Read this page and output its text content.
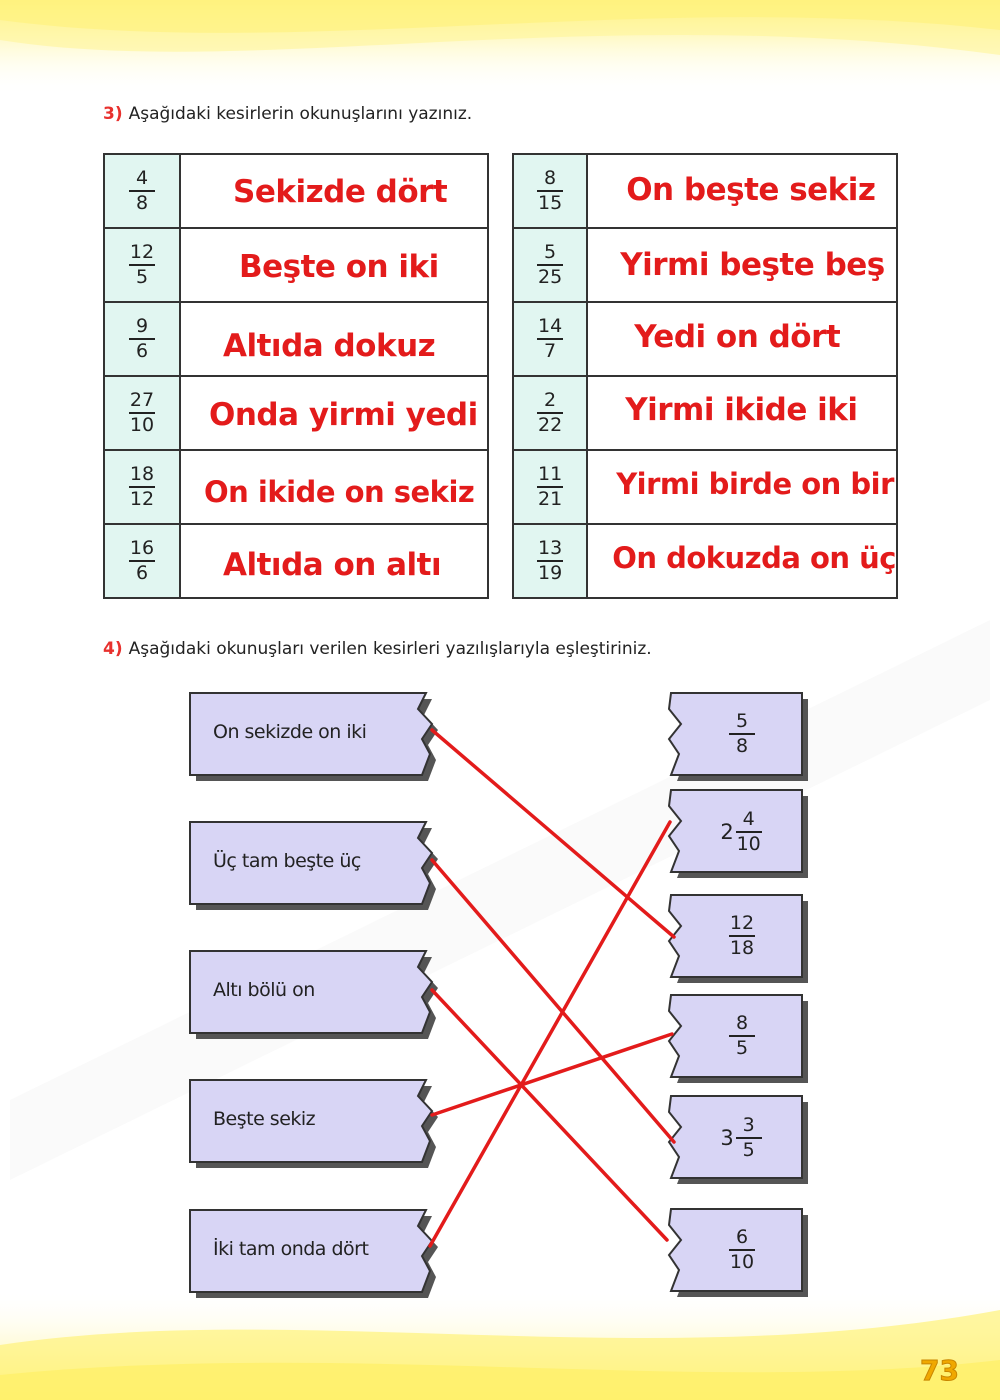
3) Aşağıdaki kesirlerin okunuşlarını yazınız.
$\frac{4}{8}$	Sekizde dört

$\frac{12}{5}$	Beşte on iki

$\frac{9}{6}$	Altıda dokuz

$\frac{27}{10}$	Onda yirmi yedi

$\frac{18}{12}$	On ikide on sekiz

$\frac{16}{6}$	Altıda on altı
$\frac{8}{15}$	On beşte sekiz

$\frac{5}{25}$	Yirmi beşte beş

$\frac{14}{7}$	Yedi on dört

$\frac{2}{22}$	Yirmi ikide iki

$\frac{11}{21}$	Yirmi birde on bir

$\frac{13}{19}$	On dokuzda on üç
4) Aşağıdaki okunuşları verilen kesirleri yazılışlarıyla eşleştiriniz.
On sekizde on iki
Üç tam beşte üç
Altı bölü on
Beşte sekiz
İki tam onda dört
$\frac{5}{8}$
$2 \frac{4}{10}$
$\frac{12}{18}$
$\frac{8}{5}$
$3 \frac{3}{5}$
$\frac{6}{10}$
73
